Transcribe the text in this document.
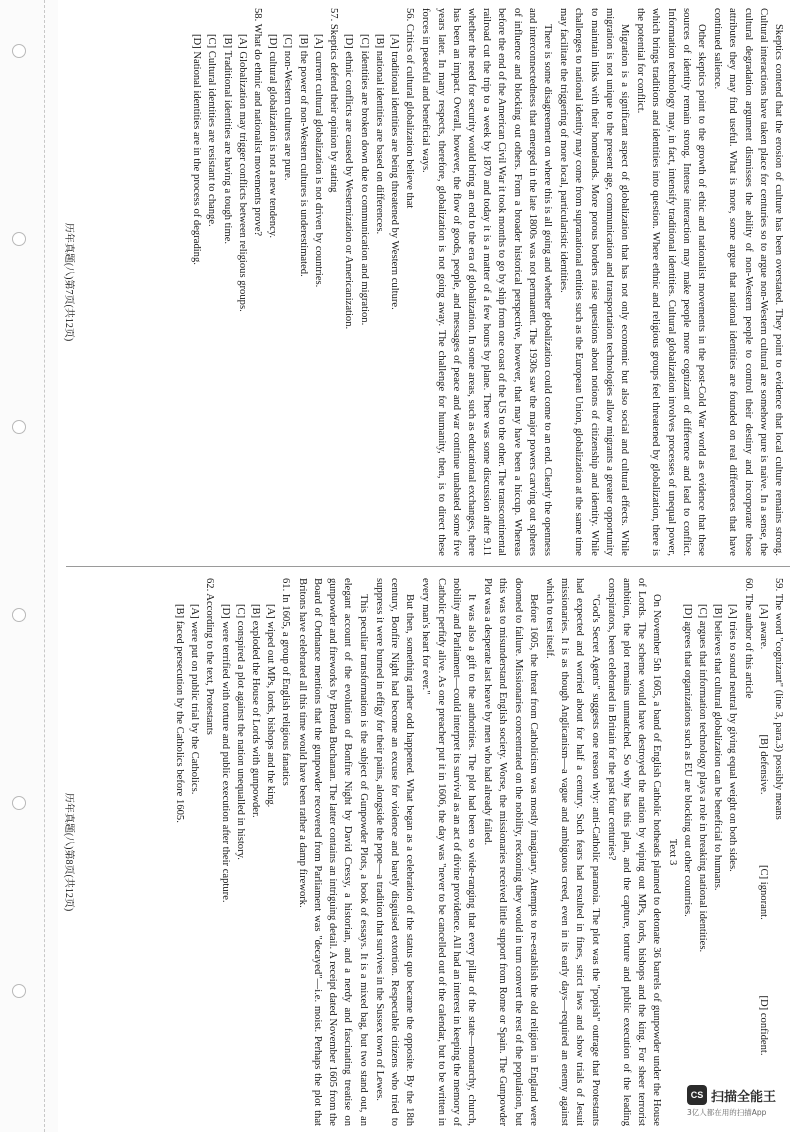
Skeptics contend that the erosion of culture has been overstated. They point to evidence that local culture remains strong. Cultural interactions have taken place for centuries so to argue non-Western cultural are somehow pure is naive. In a sense, the cultural degradation argument dismisses the ability of non-Western people to control their destiny and incorporate those attributes they may find useful. What is more, some argue that national identities are founded on real differences that have continued salience.

Other skeptics point to the growth of ethic and nationalist movements in the post-Cold War world as evidence that these sources of identity remain strong. Intense interaction may make people more cognizant of difference and lead to conflict. Information technology may, in fact, intensify traditional identities. Cultural globalization involves processes of unequal power, which brings traditions and identities into question. Where ethnic and religious groups feel threatened by globalization, there is the potential for conflict.

Migration is a significant aspect of globalization that has not only economic but also social and cultural effects. While migration is not unique to the present age, communication and transportation technologies allow migrants a greater opportunity to maintain links with their homelands. More porous borders raise questions about notions of citizenship and identity. While challenges to national identity may come from supranational entities such as the European Union, globalization at the same time may facilitate the triggering of more local, particularistic identities.

There is some disagreement on where this is all going and whether globalization could come to an end. Clearly the openness and interconnectedness that emerged in the late 1800s was not permanent. The 1930s saw the major powers carving out spheres of influence and blocking out others. From a broader historical perspective, however, that may have been a hiccup. Whereas before the end of the American Civil War it took months to go by ship from one coast of the US to the other. The transcontinental railroad cut the trip to a week by 1870 and today it is a matter of a few hours by plane. There was some discussion after 9.11 whether the need for security would bring an end to the era of globalization. In some areas, such as educational exchanges, there has been an impact. Overall, however, the flow of goods, people, and messages of peace and war continue unabated some five years later. In many respects, therefore, globalization is not going away. The challenge for humanity, then, is to direct these forces in peaceful and beneficial ways.

56. Critics of cultural globalization believe that
[A] traditional identities are being threatened by Western culture.
[B] national identities are based on differences.
[C] identities are broken down due to communication and migration.
[D] ethnic conflicts are caused by Westernization or Americanization.
57. Skeptics defend their opinion by stating
[A] current cultural globalization is not driven by countries.
[B] the power of non-Western cultures is underestimated.
[C] non-Western cultures are pure.
[D] cultural globalization is not a new tendency.
58. What do ethnic and nationalist movements prove?
[A] Globalization may trigger conflicts between religious groups.
[B] Traditional identities are having a tough time.
[C] Cultural identities are resistant to change.
[D] National identities are in the process of degrading.
59. The word "cognizant" (line 3, para.3) possibly means
[A] aware.
[B] defensive.
[C] ignorant.
[D] confident.
60. The author of this article
[A] tries to sound neutral by giving equal weight on both sides.
[B] believes that cultural globalization can be beneficial to humans.
[C] argues that information technology plays a role in breaking national identities.
[D] agrees that organizations such as EU are blocking out other countries.
Text 3

On November 5th 1605, a band of English Catholic hotheads planned to detonate 36 barrels of gunpowder under the House of Lords. The scheme would have destroyed the nation by wiping out MPs, lords, bishops and the king. For sheer terrorist ambition, the plot remains unmatched. So why has this plan, and the capture, torture and public execution of the leading conspirators, been celebrated in Britain for the past four centuries?

"God's Secret Agents" suggests one reason why: anti-Catholic paranoia. The plot was the "popish" outrage that Protestants had expected and worried about for half a century. Such fears had resulted in fines, strict laws and show trials of Jesuit missionaries. It is as though Anglicanism—a vague and ambiguous creed, even in its early days—required an enemy against which to test itself.

Before 1605, the threat from Catholicism was mostly imaginary. Attempts to re-establish the old religion in England were doomed to failure. Missionaries concentrated on the nobility, reckoning they would in turn convert the rest of the population, but this was to misunderstand English society. Worse, the missionaries received little support from Rome or Spain. The Gunpowder Plot was a desperate last heave by men who had already failed.

It was also a gift to the authorities. The plot had been so wide-ranging that every pillar of the state—monarchy, church, nobility and Parliament—could interpret its survival as an act of divine providence. All had an interest in keeping the memory of Catholic perfidy alive. As one preacher put it in 1606, the day was "never to be cancelled out of the calendar, but to be written in every man's heart for ever."

But then, something rather odd happened. What began as a celebration of the status quo became the opposite. By the 18th century, Bonfire Night had become an excuse for violence and barely disguised extortion. Respectable citizens who tried to suppress it were burned in effigy for their pains, alongside the pope—a tradition that survives in the Sussex town of Lewes.

This peculiar transformation is the subject of Gunpowder Plots, a book of essays. It is a mixed bag, but two stand out, an elegant account of the evolution of Bonfire Night by David Cressy, a historian, and a nerdy and fascinating treatise on gunpowder and fireworks by Brenda Buchanan. The latter contains an intriguing detail. A receipt dated November 1605 from the Board of Ordnance mentions that the gunpowder recovered from Parliament was "decayed"—i.e. moist. Perhaps the plot that Britons have celebrated all this time would have been rather a damp firework.

61. In 1605, a group of English religious fanatics
[A] wiped out MPs, lords, bishops and the king.
[B] exploded the House of Lords with gunpowder.
[C] conspired a plot against the nation unequalled in history.
[D] were terrified with torture and public execution after their capture.
62. According to the text, Protestants
[A] were put on public trial by the Catholics.
[B] faced persecution by the Catholics before 1605.
历年真题(八)第7页(共12页)
历年真题(八)第8页(共12页)
CS 扫描全能王
3亿人都在用的扫描App
